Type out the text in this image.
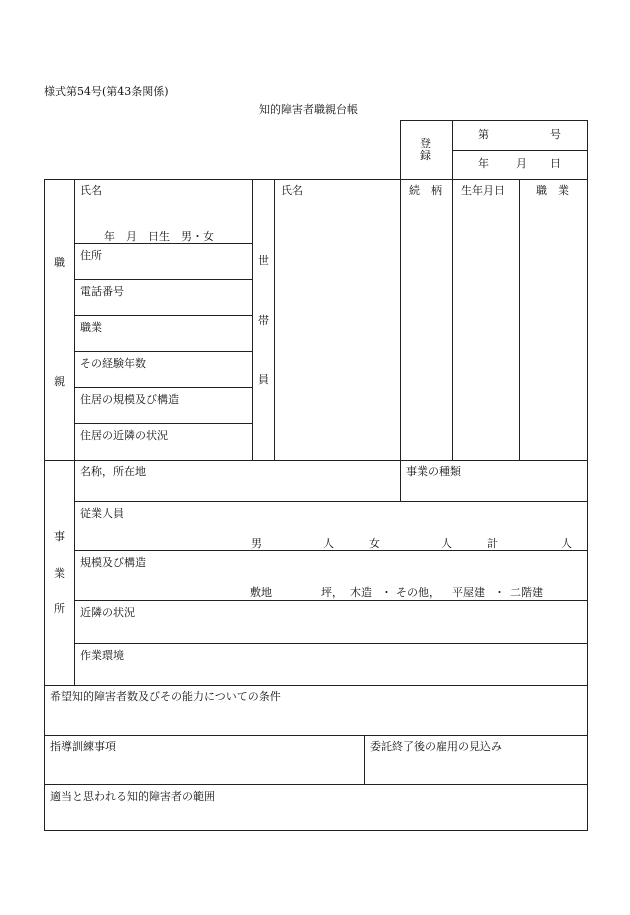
様式第54号(第43条関係)
知的障害者職親台帳
登
録
第	号
年 月 日
職
親
氏名
年　月　日生　男・女
住所
電話番号
職業
その経験年数
住居の規模及び構造
住居の近隣の状況
世
帯
員
氏名	続　柄 生年月日	職　業
事
業
所
名称，所在地	事業の種類
従業人員
男	人	女	人	計	人
規模及び構造
敷地	坪， 木造 ・ その他， 平屋建 ・ 二階建
近隣の状況
作業環境
希望知的障害者数及びその能力についての条件
指導訓練事項	委託終了後の雇用の見込み
適当と思われる知的障害者の範囲
